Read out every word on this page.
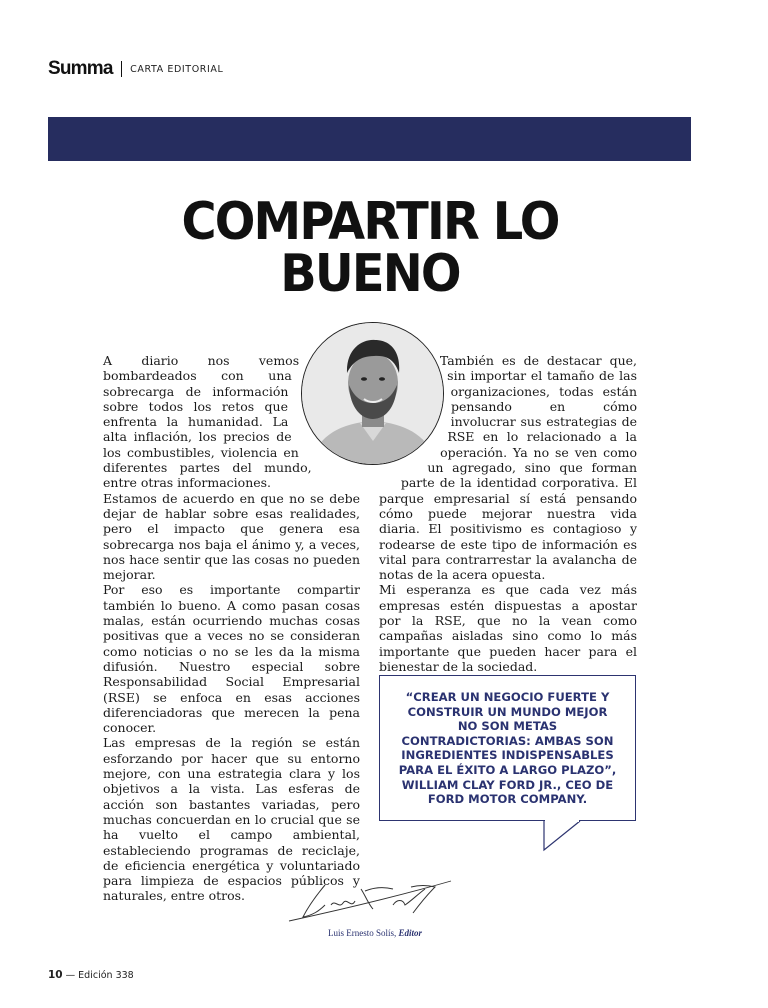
Summa CARTA EDITORIAL
COMPARTIR LO BUENO

A diario nos vemos bombardeados con una sobrecarga de información sobre todos los retos que enfrenta la humanidad. La alta inflación, los precios de los combustibles, violencia en diferentes partes del mundo, entre otras informaciones.

Estamos de acuerdo en que no se debe dejar de hablar sobre esas realidades, pero el impacto que genera esa sobrecarga nos baja el ánimo y, a veces, nos hace sentir que las cosas no pueden mejorar.

Por eso es importante compartir también lo bueno. A como pasan cosas malas, están ocurriendo muchas cosas positivas que a veces no se consideran como noticias o no se les da la misma difusión. Nuestro especial sobre Responsabilidad Social Empresarial (RSE) se enfoca en esas acciones diferenciadoras que merecen la pena conocer.

Las empresas de la región se están esforzando por hacer que su entorno mejore, con una estrategia clara y los objetivos a la vista. Las esferas de acción son bastantes variadas, pero muchas concuerdan en lo crucial que se ha vuelto el campo ambiental, estableciendo programas de reciclaje, de eficiencia energética y voluntariado para limpieza de espacios públicos y naturales, entre otros.

También es de destacar que, sin importar el tamaño de las organizaciones, todas están pensando en cómo involucrar sus estrategias de RSE en lo relacionado a la operación. Ya no se ven como un agregado, sino que forman parte de la identidad corporativa. El parque empresarial sí está pensando cómo puede mejorar nuestra vida diaria. El positivismo es contagioso y rodearse de este tipo de información es vital para contrarrestar la avalancha de notas de la acera opuesta.

Mi esperanza es que cada vez más empresas estén dispuestas a apostar por la RSE, que no la vean como campañas aisladas sino como lo más importante que pueden hacer para el bienestar de la sociedad.

“CREAR UN NEGOCIO FUERTE Y CONSTRUIR UN MUNDO MEJOR NO SON METAS CONTRADICTORIAS: AMBAS SON INGREDIENTES INDISPENSABLES PARA EL ÉXITO A LARGO PLAZO”, WILLIAM CLAY FORD JR., CEO DE FORD MOTOR COMPANY.
Luis Ernesto Solís, Editor
10 — Edición 338
